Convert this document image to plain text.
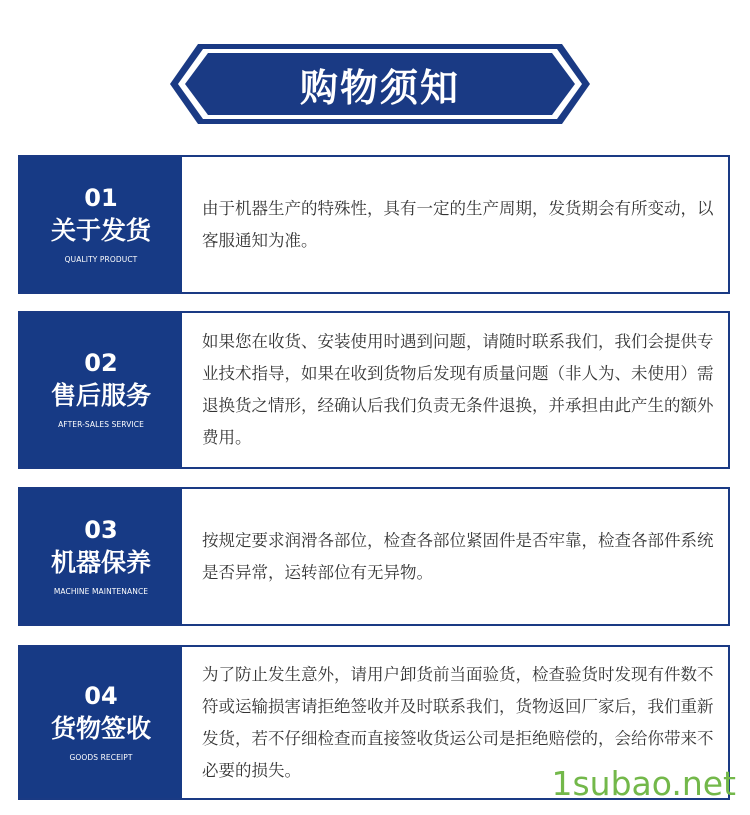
购物须知
01
关于发货
QUALITY PRODUCT

由于机器生产的特殊性，具有一定的生产周期，发货期会有所变动，以客服通知为准。

02
售后服务
AFTER-SALES SERVICE

如果您在收货、安装使用时遇到问题，请随时联系我们，我们会提供专业技术指导，如果在收到货物后发现有质量问题（非人为、未使用）需退换货之情形，经确认后我们负责无条件退换，并承担由此产生的额外费用。

03
机器保养
MACHINE MAINTENANCE

按规定要求润滑各部位，检查各部位紧固件是否牢靠，检查各部件系统是否异常，运转部位有无异物。

04
货物签收
GOODS RECEIPT

为了防止发生意外，请用户卸货前当面验货，检查验货时发现有件数不符或运输损害请拒绝签收并及时联系我们，货物返回厂家后，我们重新发货，若不仔细检查而直接签收货运公司是拒绝赔偿的，会给你带来不必要的损失。	1subao.net
